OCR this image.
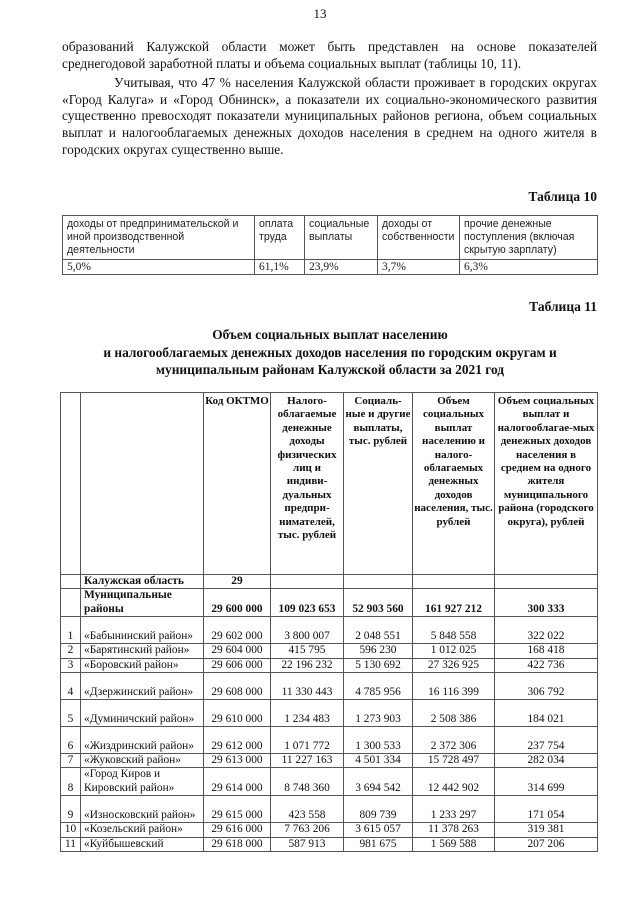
13

образований Калужской области может быть представлен на основе показателей среднегодовой заработной платы и объема социальных выплат (таблицы 10, 11).

Учитывая, что 47 % населения Калужской области проживает в городских округах «Город Калуга» и «Город Обнинск», а показатели их социально-экономического развития существенно превосходят показатели муниципальных районов региона, объем социальных выплат и налогооблагаемых денежных доходов населения в среднем на одного жителя в городских округах существенно выше.

Таблица 10
доходы от предпринимательской и иной производственной деятельности	оплата труда	социальные выплаты	доходы от собственности	прочие денежные поступления (включая скрытую зарплату)
5,0%	61,1%	23,9%	3,7%	6,3%
Таблица 11
Объем социальных выплат населению
и налогооблагаемых денежных доходов населения по городским округам и
муниципальным районам Калужской области за 2021 год
		Код ОКТМО	Налого-облагаемые денежные доходы физических лиц и индиви-дуальных предпри-нимателей, тыс. рублей	Социаль-ные и другие выплаты, тыс. рублей	Объем социальных выплат населению и налого-облагаемых денежных доходов населения, тыс. рублей	Объем социальных выплат и налогооблагае-мых денежных доходов населения в среднем на одного жителя муниципального района (городского округа), рублей
	Калужская область	29				
	Муниципальные районы	29 600 000	109 023 653	52 903 560	161 927 212	300 333
1	«Бабынинский район»	29 602 000	3 800 007	2 048 551	5 848 558	322 022
2	«Барятинский район»	29 604 000	415 795	596 230	1 012 025	168 418
3	«Боровский район»	29 606 000	22 196 232	5 130 692	27 326 925	422 736
4	«Дзержинский район»	29 608 000	11 330 443	4 785 956	16 116 399	306 792
5	«Думиничский район»	29 610 000	1 234 483	1 273 903	2 508 386	184 021
6	«Жиздринский район»	29 612 000	1 071 772	1 300 533	2 372 306	237 754
7	«Жуковский район»	29 613 000	11 227 163	4 501 334	15 728 497	282 034
8	«Город Киров и Кировский район»	29 614 000	8 748 360	3 694 542	12 442 902	314 699
9	«Износковский район»	29 615 000	423 558	809 739	1 233 297	171 054
10	«Козельский район»	29 616 000	7 763 206	3 615 057	11 378 263	319 381
11	«Куйбышевский	29 618 000	587 913	981 675	1 569 588	207 206
